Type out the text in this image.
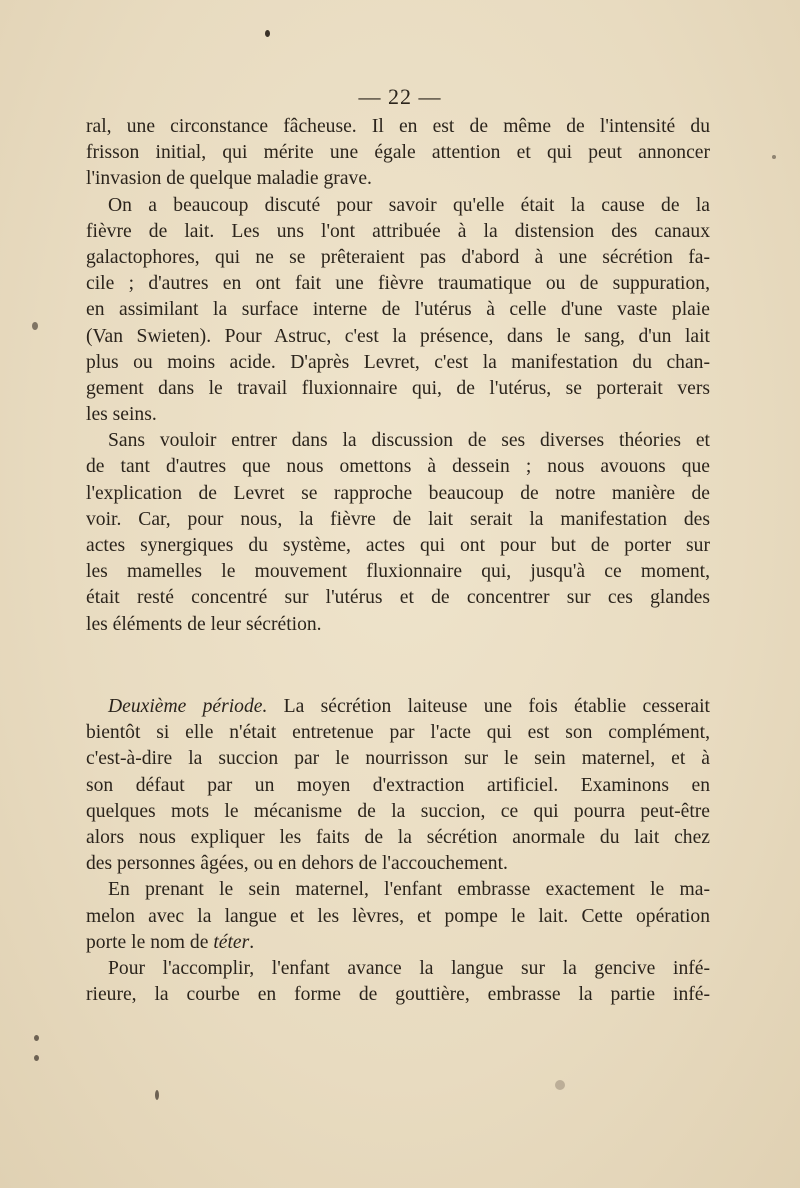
— 22 —
ral, une circonstance fâcheuse. Il en est de même de l'intensité du
frisson initial, qui mérite une égale attention et qui peut annoncer
l'invasion de quelque maladie grave.
On a beaucoup discuté pour savoir qu'elle était la cause de la
fièvre de lait. Les uns l'ont attribuée à la distension des canaux
galactophores, qui ne se prêteraient pas d'abord à une sécrétion fa-
cile ; d'autres en ont fait une fièvre traumatique ou de suppuration,
en assimilant la surface interne de l'utérus à celle d'une vaste plaie
(Van Swieten). Pour Astruc, c'est la présence, dans le sang, d'un lait
plus ou moins acide. D'après Levret, c'est la manifestation du chan-
gement dans le travail fluxionnaire qui, de l'utérus, se porterait vers
les seins.
Sans vouloir entrer dans la discussion de ses diverses théories et
de tant d'autres que nous omettons à dessein ; nous avouons que
l'explication de Levret se rapproche beaucoup de notre manière de
voir. Car, pour nous, la fièvre de lait serait la manifestation des
actes synergiques du système, actes qui ont pour but de porter sur
les mamelles le mouvement fluxionnaire qui, jusqu'à ce moment,
était resté concentré sur l'utérus et de concentrer sur ces glandes
les éléments de leur sécrétion.
Deuxième période. La sécrétion laiteuse une fois établie cesserait
bientôt si elle n'était entretenue par l'acte qui est son complément,
c'est-à-dire la succion par le nourrisson sur le sein maternel, et à
son défaut par un moyen d'extraction artificiel. Examinons en
quelques mots le mécanisme de la succion, ce qui pourra peut-être
alors nous expliquer les faits de la sécrétion anormale du lait chez
des personnes âgées, ou en dehors de l'accouchement.
En prenant le sein maternel, l'enfant embrasse exactement le ma-
melon avec la langue et les lèvres, et pompe le lait. Cette opération
porte le nom de téter.
Pour l'accomplir, l'enfant avance la langue sur la gencive infé-
rieure, la courbe en forme de gouttière, embrasse la partie infé-
